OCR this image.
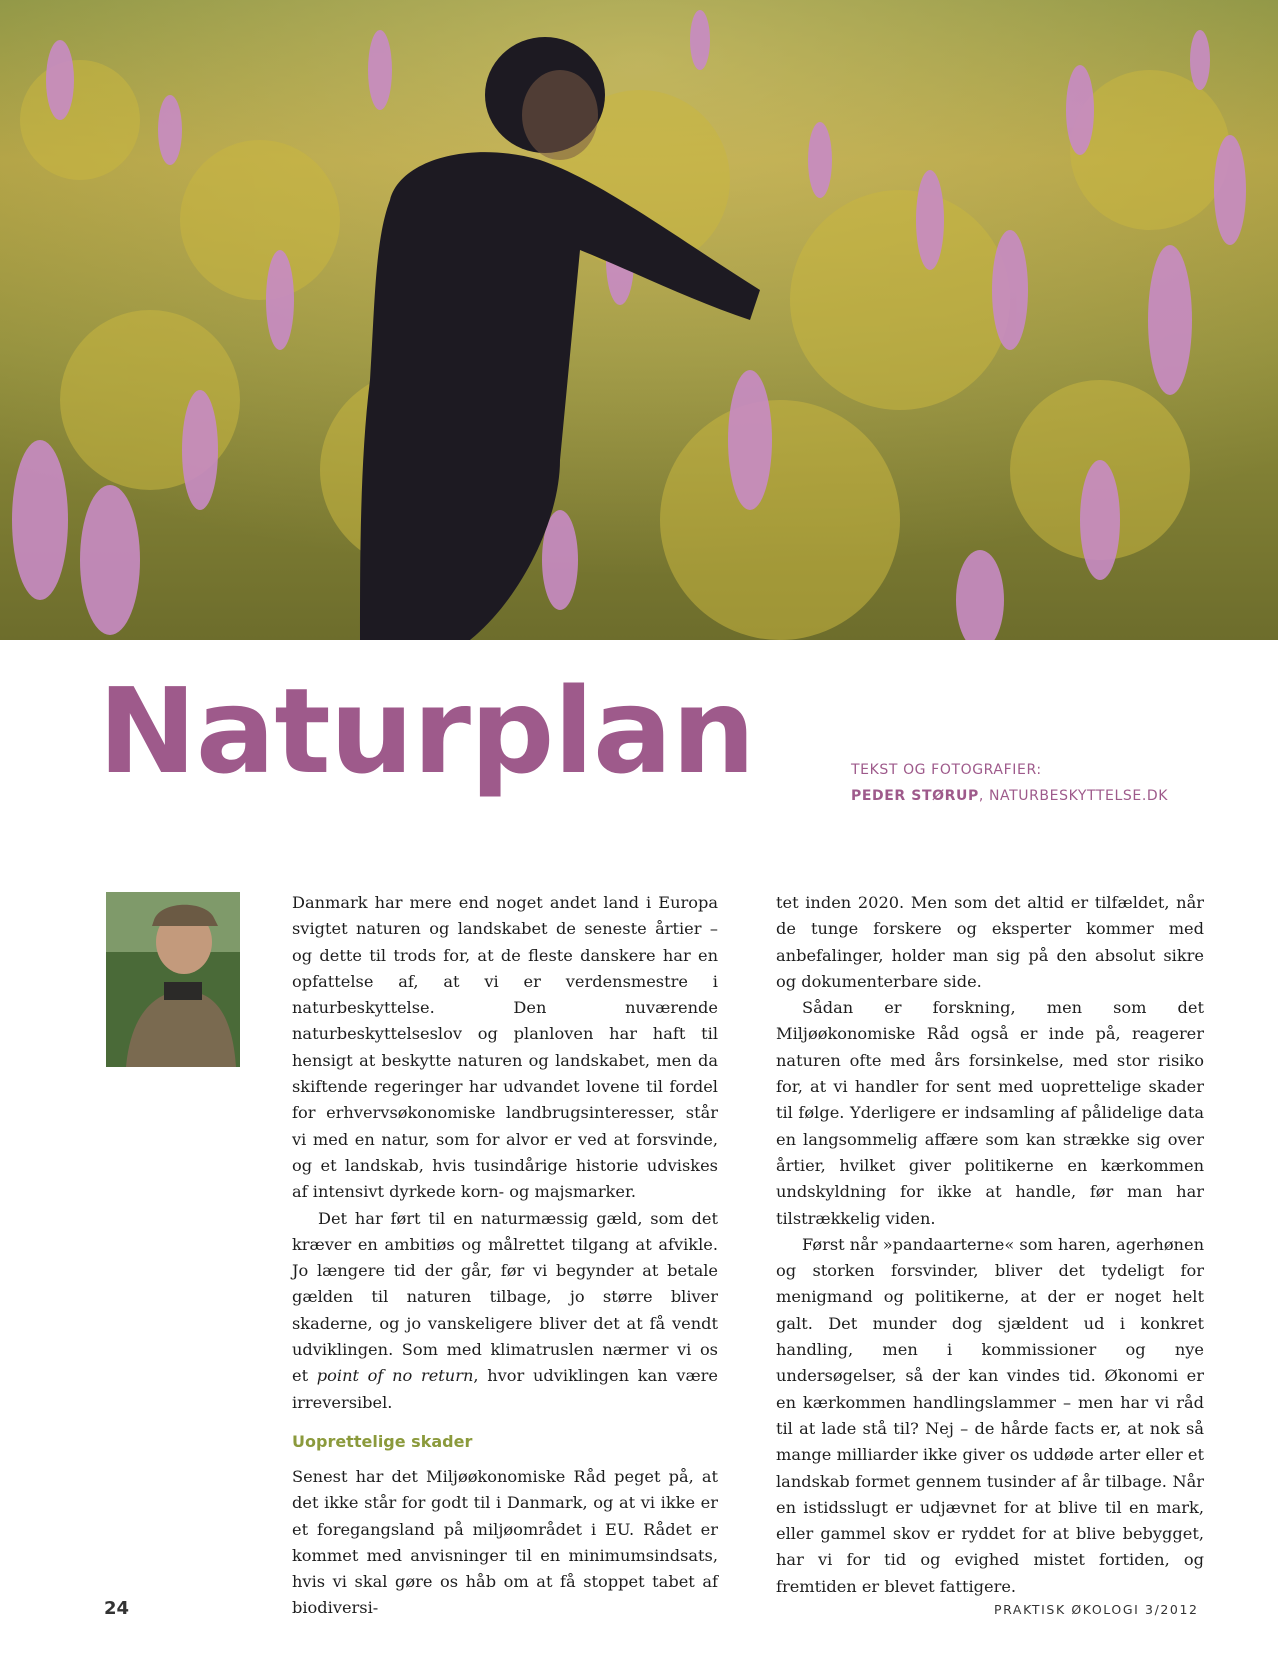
Naturplan	TEKST OG FOTOGRAFIER:
PEDER STØRUP, NATURBESKYTTELSE.DK

Danmark har mere end noget andet land i Europa svigtet naturen og landskabet de seneste årtier – og dette til trods for, at de fleste danskere har en opfattelse af, at vi er verdensmestre i naturbeskyttelse. Den nuværende naturbeskyttelseslov og planloven har haft til hensigt at beskytte naturen og landskabet, men da skiftende regeringer har udvandet lovene til fordel for erhvervsøkonomiske landbrugsinteresser, står vi med en natur, som for alvor er ved at forsvinde, og et landskab, hvis tusindårige historie udviskes af intensivt dyrkede korn- og majsmarker.

Det har ført til en naturmæssig gæld, som det kræver en ambitiøs og målrettet tilgang at afvikle. Jo længere tid der går, før vi begynder at betale gælden til naturen tilbage, jo større bliver skaderne, og jo vanskeligere bliver det at få vendt udviklingen. Som med klimatruslen nærmer vi os et point of no return, hvor udviklingen kan være irreversibel.

Uoprettelige skader

Senest har det Miljøøkonomiske Råd peget på, at det ikke står for godt til i Danmark, og at vi ikke er et foregangsland på miljøområdet i EU. Rådet er kommet med anvisninger til en minimumsindsats, hvis vi skal gøre os håb om at få stoppet tabet af biodiversi-

tet inden 2020. Men som det altid er tilfældet, når de tunge forskere og eksperter kommer med anbefalinger, holder man sig på den absolut sikre og dokumenterbare side.

Sådan er forskning, men som det Miljøøkonomiske Råd også er inde på, reagerer naturen ofte med års forsinkelse, med stor risiko for, at vi handler for sent med uoprettelige skader til følge. Yderligere er indsamling af pålidelige data en langsommelig affære som kan strække sig over årtier, hvilket giver politikerne en kærkommen undskyldning for ikke at handle, før man har tilstrækkelig viden.

Først når »pandaarterne« som haren, agerhønen og storken forsvinder, bliver det tydeligt for menigmand og politikerne, at der er noget helt galt. Det munder dog sjældent ud i konkret handling, men i kommissioner og nye undersøgelser, så der kan vindes tid. Økonomi er en kærkommen handlingslammer – men har vi råd til at lade stå til? Nej – de hårde facts er, at nok så mange milliarder ikke giver os uddøde arter eller et landskab formet gennem tusinder af år tilbage. Når en istidsslugt er udjævnet for at blive til en mark, eller gammel skov er ryddet for at blive bebygget, har vi for tid og evighed mistet fortiden, og fremtiden er blevet fattigere.

24	PRAKTISK ØKOLOGI 3/2012
